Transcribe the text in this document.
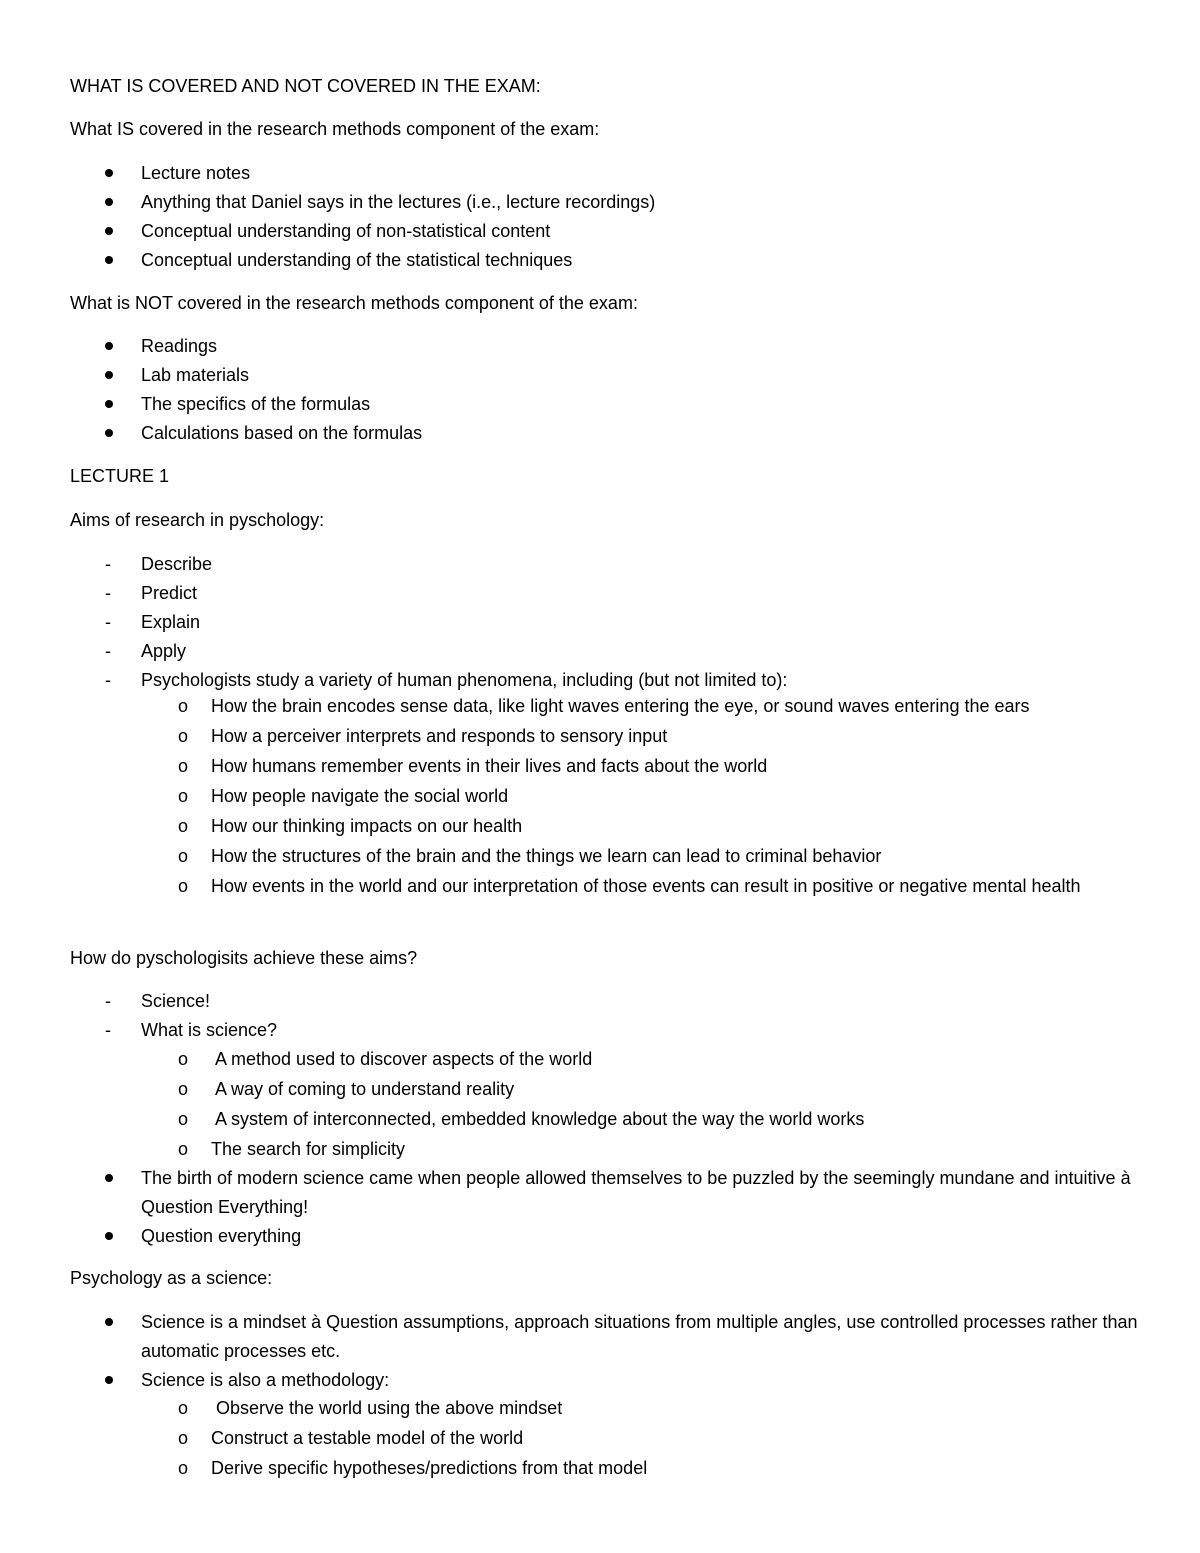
WHAT IS COVERED AND NOT COVERED IN THE EXAM:
What IS covered in the research methods component of the exam:
Lecture notes
Anything that Daniel says in the lectures (i.e., lecture recordings)
Conceptual understanding of non-statistical content
Conceptual understanding of the statistical techniques
What is NOT covered in the research methods component of the exam:
Readings
Lab materials
The specifics of the formulas
Calculations based on the formulas
LECTURE 1
Aims of research in pyschology:
- Describe
- Predict
- Explain
- Apply
- Psychologists study a variety of human phenomena, including (but not limited to):
o How the brain encodes sense data, like light waves entering the eye, or sound waves entering the ears
o How a perceiver interprets and responds to sensory input
o How humans remember events in their lives and facts about the world
o How people navigate the social world
o How our thinking impacts on our health
o How the structures of the brain and the things we learn can lead to criminal behavior
o How events in the world and our interpretation of those events can result in positive or negative mental health
How do pyschologisits achieve these aims?
- Science!
- What is science?
o A method used to discover aspects of the world
o A way of coming to understand reality
o A system of interconnected, embedded knowledge about the way the world works
o The search for simplicity
The birth of modern science came when people allowed themselves to be puzzled by the seemingly mundane and intuitive à Question Everything!
Question everything
Psychology as a science:
Science is a mindset à Question assumptions, approach situations from multiple angles, use controlled processes rather than automatic processes etc.
Science is also a methodology:
o Observe the world using the above mindset
o Construct a testable model of the world
o Derive specific hypotheses/predictions from that model
